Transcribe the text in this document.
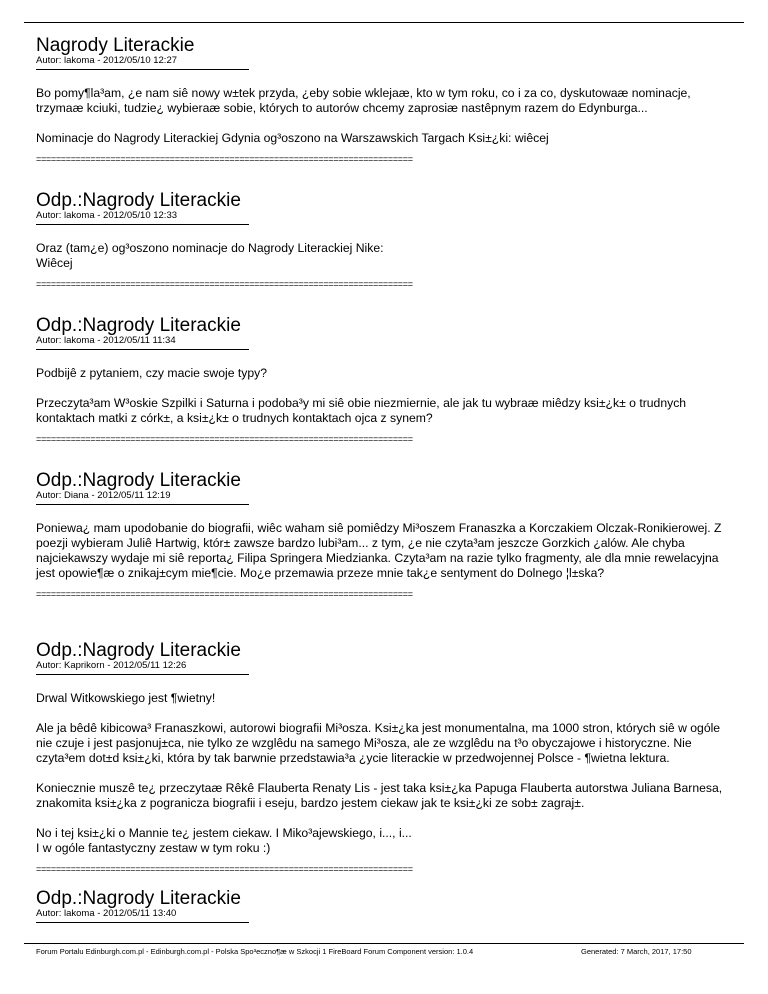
Nagrody Literackie
Autor: lakoma - 2012/05/10 12:27

Bo pomy¶la³am, ¿e nam siê nowy w±tek przyda, ¿eby sobie wklejaæ, kto w tym roku, co i za co, dyskutowaæ nominacje, trzymaæ kciuki, tudzie¿ wybieraæ sobie, których to autorów chcemy zaprosiæ nastêpnym razem do Edynburga...

Nominacje do Nagrody Literackiej Gdynia og³oszono na Warszawskich Targach Ksi±¿ki: wiêcej

============================================================================
Odp.:Nagrody Literackie
Autor: lakoma - 2012/05/10 12:33

Oraz (tam¿e) og³oszono nominacje do Nagrody Literackiej Nike:
Wiêcej

============================================================================
Odp.:Nagrody Literackie
Autor: lakoma - 2012/05/11 11:34

Podbijê z pytaniem, czy macie swoje typy?

Przeczyta³am W³oskie Szpilki i Saturna i podoba³y mi siê obie niezmiernie, ale jak tu wybraæ miêdzy ksi±¿k± o trudnych kontaktach matki z córk±, a ksi±¿k± o trudnych kontaktach ojca z synem?

============================================================================
Odp.:Nagrody Literackie
Autor: Diana - 2012/05/11 12:19

Poniewa¿ mam upodobanie do biografii, wiêc waham siê pomiêdzy Mi³oszem Franaszka a Korczakiem Olczak-Ronikierowej. Z poezji wybieram Juliê Hartwig, któr± zawsze bardzo lubi³am... z tym, ¿e nie czyta³am jeszcze Gorzkich ¿alów. Ale chyba najciekawszy wydaje mi siê reporta¿ Filipa Springera Miedzianka. Czyta³am na razie tylko fragmenty, ale dla mnie rewelacyjna jest opowie¶æ o znikaj±cym mie¶cie. Mo¿e przemawia przeze mnie tak¿e sentyment do Dolnego ¦l±ska?

============================================================================
Odp.:Nagrody Literackie
Autor: Kaprikorn - 2012/05/11 12:26

Drwal Witkowskiego jest ¶wietny!

Ale ja bêdê kibicowa³ Franaszkowi, autorowi biografii Mi³osza. Ksi±¿ka jest monumentalna, ma 1000 stron, których siê w ogóle nie czuje i jest pasjonuj±ca, nie tylko ze wzglêdu na samego Mi³osza, ale ze wzglêdu na t³o obyczajowe i historyczne. Nie czyta³em dot±d ksi±¿ki, która by tak barwnie przedstawia³a ¿ycie literackie w przedwojennej Polsce - ¶wietna lektura.

Koniecznie muszê te¿ przeczytaæ Rêkê Flauberta Renaty Lis - jest taka ksi±¿ka Papuga Flauberta autorstwa Juliana Barnesa, znakomita ksi±¿ka z pogranicza biografii i eseju, bardzo jestem ciekaw jak te ksi±¿ki ze sob± zagraj±.

No i tej ksi±¿ki o Mannie te¿ jestem ciekaw. I Miko³ajewskiego, i..., i...
I w ogóle fantastyczny zestaw w tym roku :)

============================================================================
Odp.:Nagrody Literackie
Autor: lakoma - 2012/05/11 13:40
Forum Portalu Edinburgh.com.pl - Edinburgh.com.pl - Polska Spo³eczno¶æ w Szkocji 1 FireBoard Forum Component version: 1.0.4	Generated: 7 March, 2017, 17:50
